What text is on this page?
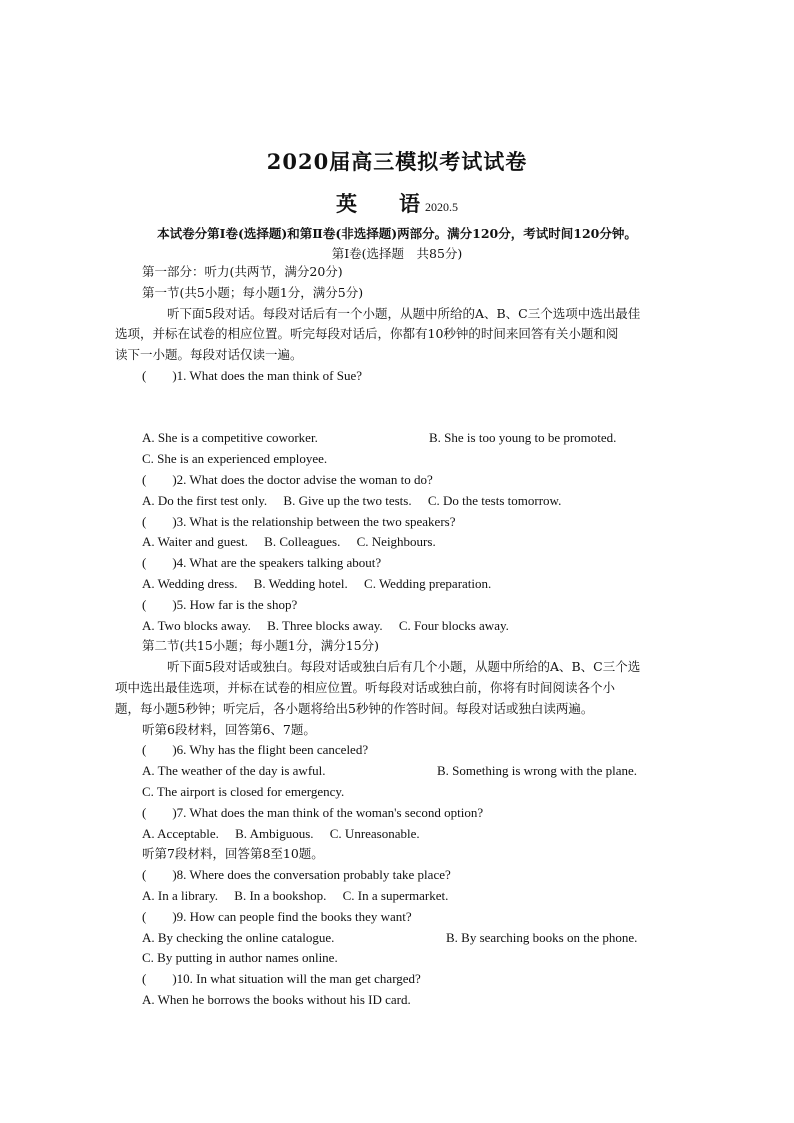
2020届高三模拟考试试卷
英 语 2020.5
本试卷分第Ⅰ卷(选择题)和第Ⅱ卷(非选择题)两部分。满分120分，考试时间120分钟。
第Ⅰ卷(选择题　共85分)
第一部分：听力(共两节，满分20分)
第一节(共5小题；每小题1分，满分5分)
听下面5段对话。每段对话后有一个小题，从题中所给的A、B、C三个选项中选出最佳
选项，并标在试卷的相应位置。听完每段对话后，你都有10秒钟的时间来回答有关小题和阅
读下一小题。每段对话仅读一遍。
(　　)1. What does the man think of Sue?
A. She is a competitive coworker.	B. She is too young to be promoted.
C. She is an experienced employee.
(　　)2. What does the doctor advise the woman to do?
A. Do the first test only.　 B. Give up the two tests.　 C. Do the tests tomorrow.
(　　)3. What is the relationship between the two speakers?
A. Waiter and guest.　 B. Colleagues.　 C. Neighbours.
(　　)4. What are the speakers talking about?
A. Wedding dress.　 B. Wedding hotel.　 C. Wedding preparation.
(　　)5. How far is the shop?
A. Two blocks away.　 B. Three blocks away.　 C. Four blocks away.
第二节(共15小题；每小题1分，满分15分)
听下面5段对话或独白。每段对话或独白后有几个小题，从题中所给的A、B、C三个选
项中选出最佳选项，并标在试卷的相应位置。听每段对话或独白前，你将有时间阅读各个小
题，每小题5秒钟；听完后，各小题将给出5秒钟的作答时间。每段对话或独白读两遍。
听第6段材料，回答第6、7题。
(　　)6. Why has the flight been canceled?
A. The weather of the day is awful.	B. Something is wrong with the plane.
C. The airport is closed for emergency.
(　　)7. What does the man think of the woman's second option?
A. Acceptable.　 B. Ambiguous.　 C. Unreasonable.
听第7段材料，回答第8至10题。
(　　)8. Where does the conversation probably take place?
A. In a library.　 B. In a bookshop.　 C. In a supermarket.
(　　)9. How can people find the books they want?
A. By checking the online catalogue.	B. By searching books on the phone.
C. By putting in author names online.
(　　)10. In what situation will the man get charged?
A. When he borrows the books without his ID card.
